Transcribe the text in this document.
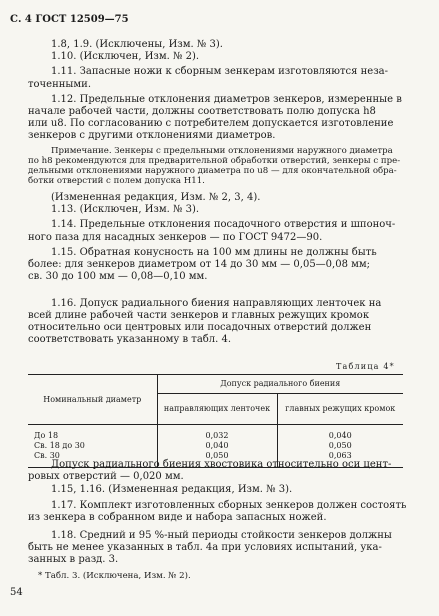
С. 4 ГОСТ 12509—75
1.8, 1.9. (Исключены, Изм. № 3).
1.10. (Исключен, Изм. № 2).
1.11. Запасные ножи к сборным зенкерам изготовляются неза-
точенными.
1.12. Предельные отклонения диаметров зенкеров, измеренные в
начале рабочей части, должны соответствовать полю допуска h8
или u8. По согласованию с потребителем допускается изготовление
зенкеров с другими отклонениями диаметров.
Примечание. Зенкеры с предельными отклонениями наружного диаметра
по h8 рекомендуются для предварительной обработки отверстий, зенкеры с пре-
дельными отклонениями наружного диаметра по u8 — для окончательной обра-
ботки отверстий с полем допуска H11.
(Измененная редакция, Изм. № 2, 3, 4).
1.13. (Исключен, Изм. № 3).
1.14. Предельные отклонения посадочного отверстия и шпоноч-
ного паза для насадных зенкеров — по ГОСТ 9472—90.
1.15. Обратная конусность на 100 мм длины не должны быть
более: для зенкеров диаметром от 14 до 30 мм — 0,05—0,08 мм;
св. 30 до 100 мм — 0,08—0,10 мм.
1.16. Допуск радиального биения направляющих ленточек на
всей длине рабочей части зенкеров и главных режущих кромок
относительно оси центровых или посадочных отверстий должен
соответствовать указанному в табл. 4.
Таблица 4*
Номинальный диаметр	Допуск радиального биения	
	направляющих ленточек	главных режущих кромок
До 18	0,032	0,040
Св. 18 до 30	0,040	0,050
Св. 30	0,050	0,063
Допуск радиального биения хвостовика относительно оси цент-
ровых отверстий — 0,020 мм.
1.15, 1.16. (Измененная редакция, Изм. № 3).
1.17. Комплект изготовленных сборных зенкеров должен состоять
из зенкера в собранном виде и набора запасных ножей.
1.18. Средний и 95 %-ный периоды стойкости зенкеров должны
быть не менее указанных в табл. 4а при условиях испытаний, ука-
занных в разд. 3.
* Табл. 3. (Исключена, Изм. № 2).
54
